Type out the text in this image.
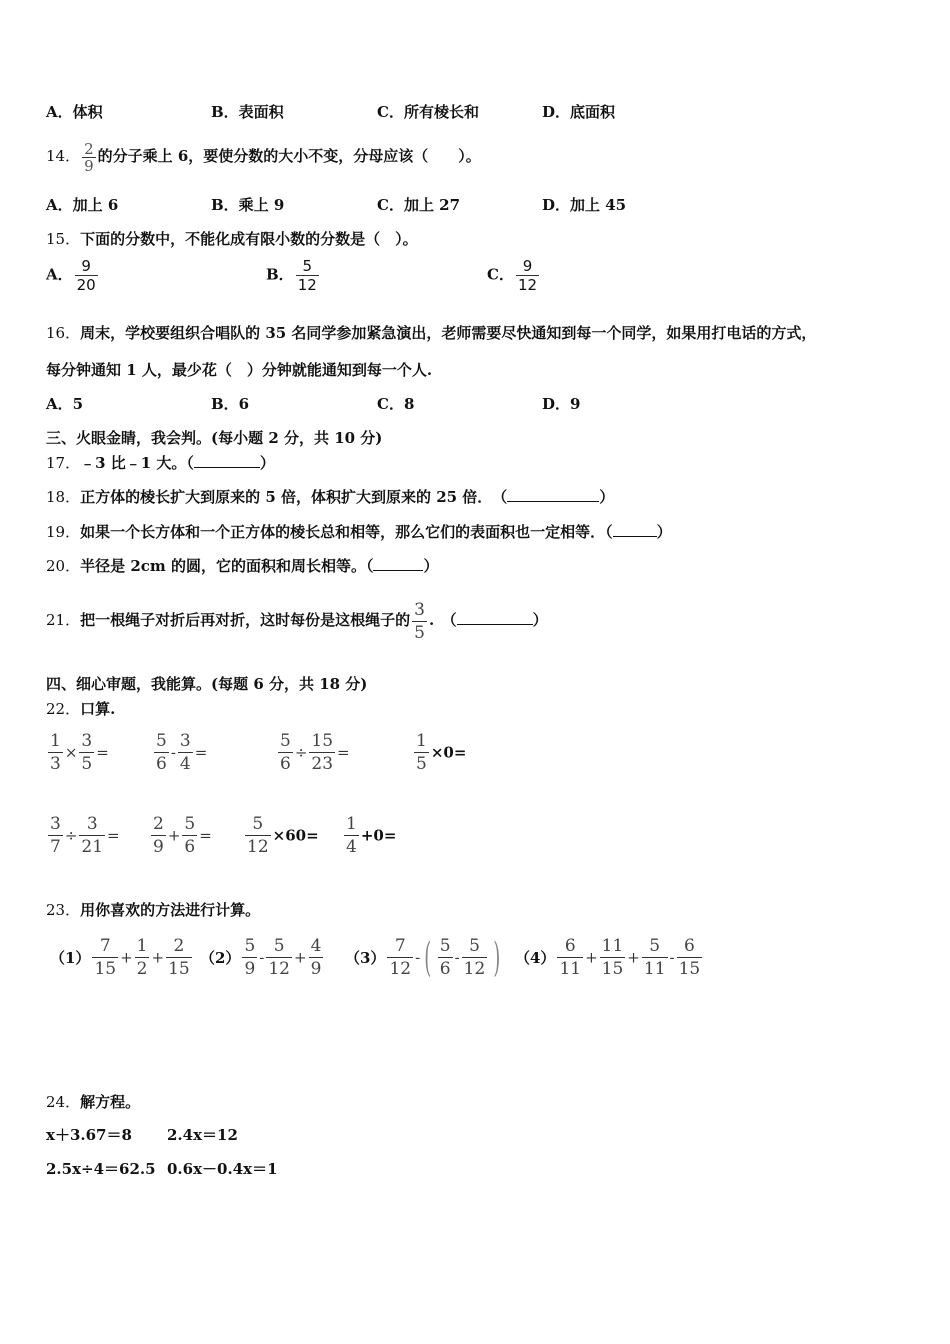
A．体积	B．表面积	C．所有棱长和	D．底面积
14． $\frac{2}{9}$ 的分子乘上 6，要使分数的大小不变，分母应该（　　）。
A．加上 6	B．乘上 9	C．加上 27	D．加上 45
15．下面的分数中，不能化成有限小数的分数是（　）。
A． $\frac{9}{20}$	B． $\frac{5}{12}$	C． $\frac{9}{12}$
16．周末，学校要组织合唱队的 35 名同学参加紧急演出，老师需要尽快通知到每一个同学，如果用打电话的方式，
每分钟通知 1 人，最少花（　）分钟就能通知到每一个人.
A．5	B．6	C．8	D．9
三、火眼金睛，我会判。(每小题 2 分，共 10 分)
17．﹣3 比﹣1 大。（	）
18．正方体的棱长扩大到原来的 5 倍，体积扩大到原来的 25 倍．　（	）
19．如果一个长方体和一个正方体的棱长总和相等，那么它们的表面积也一定相等．（	）
20．半径是 2cm 的圆，它的面积和周长相等。（	）
21．把一根绳子对折后再对折，这时每份是这根绳子的 $\frac{3}{5}$ .　（	）
四、细心审题，我能算。(每题 6 分，共 18 分)
22．口算.
$\frac{1}{3} \times \frac{3}{5}$ =	$\frac{5}{6} - \frac{3}{4}$ =	$\frac{5}{6} \div \frac{15}{23}$ =	$\frac{1}{5} \times 0=$
$\frac{3}{7} \div \frac{3}{21} = \frac{2}{9} + \frac{5}{6} = \frac{5}{12} \times 60= \frac{1}{4} +0=$
23．用你喜欢的方法进行计算。
$(1) \frac{7}{15} + \frac{1}{2} + \frac{2}{15} (2) \frac{5}{9} - \frac{5}{12} + \frac{4}{9} (3) \frac{7}{12}$ - ( $\frac{5}{6} - \frac{5}{12}$ ) $(4) \frac{6}{11} + \frac{11}{15} + \frac{5}{11} - \frac{6}{15}$
24．解方程。
x＋3.67＝8 2.4x＝12
2.5x÷4＝62.5 0.6x－0.4x＝1
